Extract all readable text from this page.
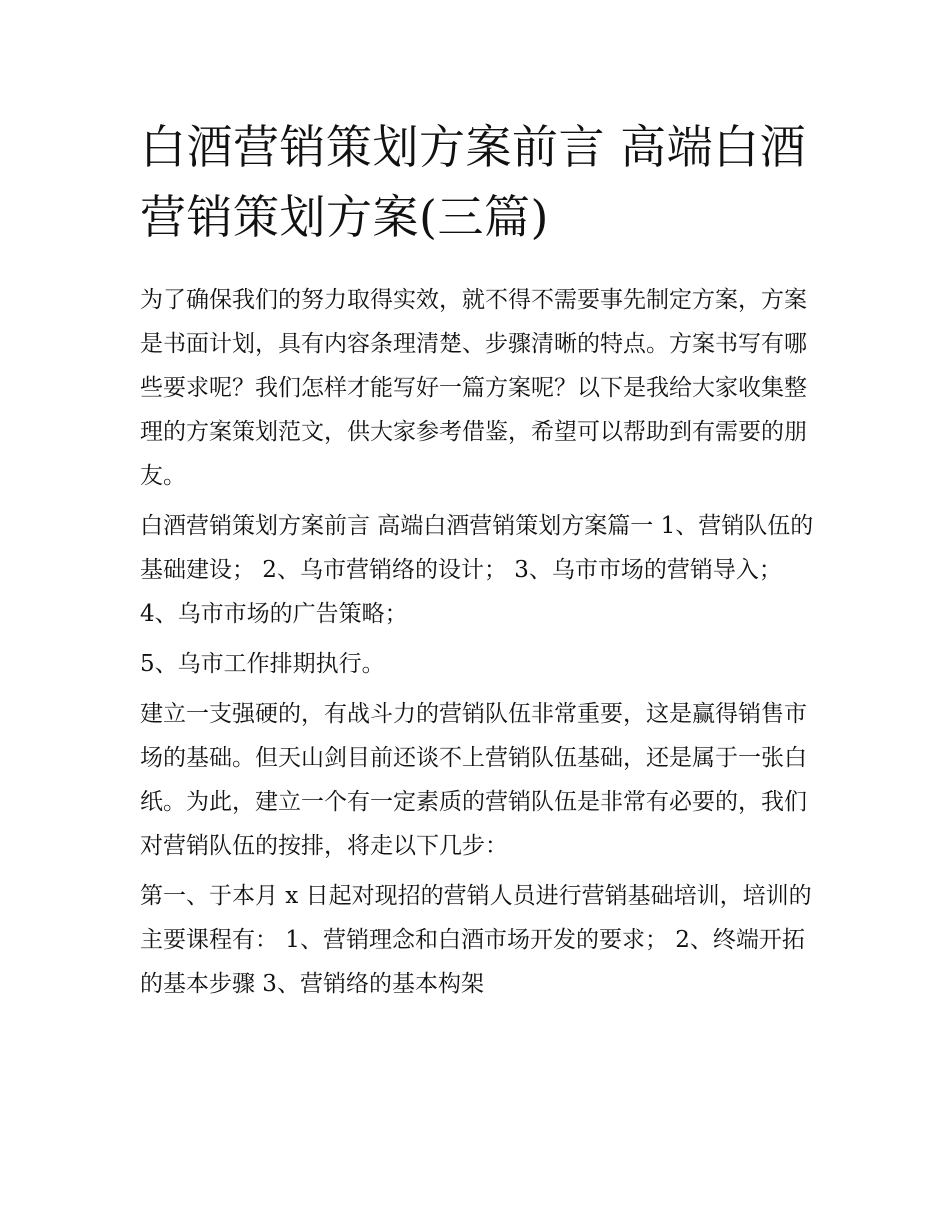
白酒营销策划方案前言 高端白酒营销策划方案(三篇)

为了确保我们的努力取得实效，就不得不需要事先制定方案，方案是书面计划，具有内容条理清楚、步骤清晰的特点。方案书写有哪些要求呢？我们怎样才能写好一篇方案呢？以下是我给大家收集整理的方案策划范文，供大家参考借鉴，希望可以帮助到有需要的朋友。

白酒营销策划方案前言 高端白酒营销策划方案篇一 1、营销队伍的基础建设； 2、乌市营销络的设计； 3、乌市市场的营销导入； 4、乌市市场的广告策略；

5、乌市工作排期执行。

建立一支强硬的，有战斗力的营销队伍非常重要，这是赢得销售市场的基础。但天山剑目前还谈不上营销队伍基础，还是属于一张白纸。为此，建立一个有一定素质的营销队伍是非常有必要的，我们对营销队伍的按排，将走以下几步：

第一、于本月 x 日起对现招的营销人员进行营销基础培训，培训的主要课程有： 1、营销理念和白酒市场开发的要求； 2、终端开拓的基本步骤 3、营销络的基本构架
